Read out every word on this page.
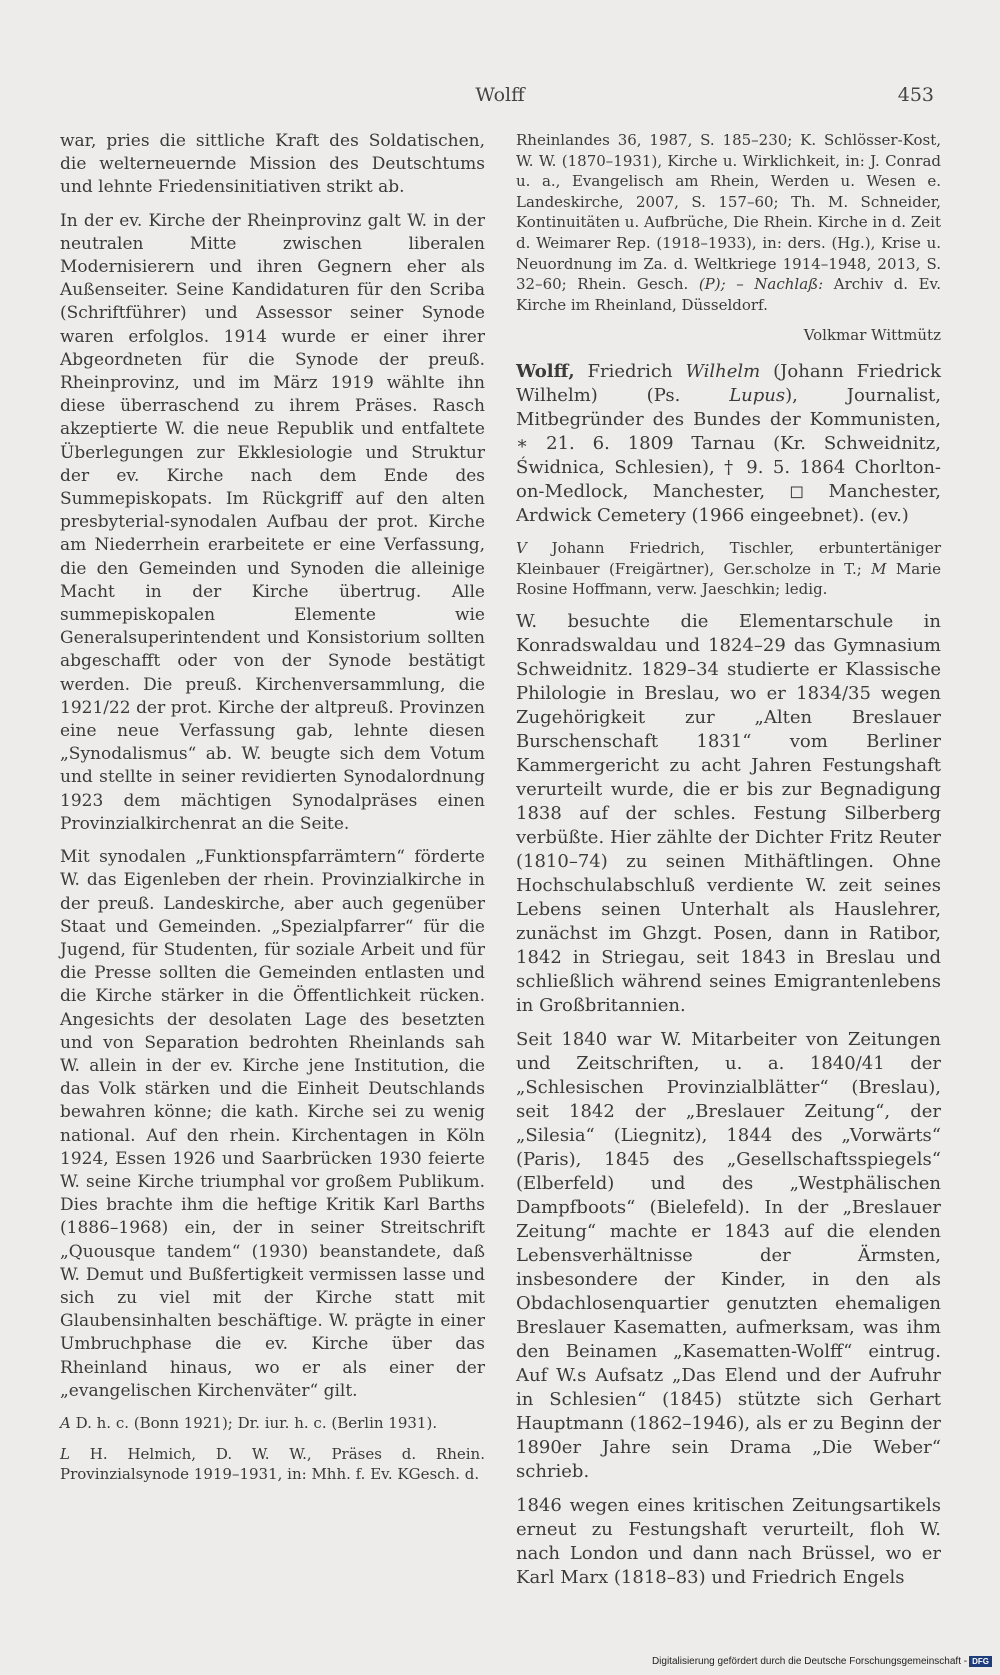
Wolff	453

war, pries die sittliche Kraft des Soldatischen, die welterneuernde Mission des Deutschtums und lehnte Friedensinitiativen strikt ab.

In der ev. Kirche der Rheinprovinz galt W. in der neutralen Mitte zwischen liberalen Modernisierern und ihren Gegnern eher als Außenseiter. Seine Kandidaturen für den Scriba (Schriftführer) und Assessor seiner Synode waren erfolglos. 1914 wurde er einer ihrer Abgeordneten für die Synode der preuß. Rheinprovinz, und im März 1919 wählte ihn diese überraschend zu ihrem Präses. Rasch akzeptierte W. die neue Republik und entfaltete Überlegungen zur Ekklesiologie und Struktur der ev. Kirche nach dem Ende des Summepiskopats. Im Rückgriff auf den alten presbyterial-synodalen Aufbau der prot. Kirche am Niederrhein erarbeitete er eine Verfassung, die den Gemeinden und Synoden die alleinige Macht in der Kirche übertrug. Alle summepiskopalen Elemente wie Generalsuperintendent und Konsistorium sollten abgeschafft oder von der Synode bestätigt werden. Die preuß. Kirchenversammlung, die 1921/22 der prot. Kirche der altpreuß. Provinzen eine neue Verfassung gab, lehnte diesen „Synodalismus“ ab. W. beugte sich dem Votum und stellte in seiner revidierten Synodalordnung 1923 dem mächtigen Synodalpräses einen Provinzialkirchenrat an die Seite.

Mit synodalen „Funktionspfarrämtern“ förderte W. das Eigenleben der rhein. Provinzialkirche in der preuß. Landeskirche, aber auch gegenüber Staat und Gemeinden. „Spezialpfarrer“ für die Jugend, für Studenten, für soziale Arbeit und für die Presse sollten die Gemeinden entlasten und die Kirche stärker in die Öffentlichkeit rücken. Angesichts der desolaten Lage des besetzten und von Separation bedrohten Rheinlands sah W. allein in der ev. Kirche jene Institution, die das Volk stärken und die Einheit Deutschlands bewahren könne; die kath. Kirche sei zu wenig national. Auf den rhein. Kirchentagen in Köln 1924, Essen 1926 und Saarbrücken 1930 feierte W. seine Kirche triumphal vor großem Publikum. Dies brachte ihm die heftige Kritik Karl Barths (1886–1968) ein, der in seiner Streitschrift „Quousque tandem“ (1930) beanstandete, daß W. Demut und Bußfertigkeit vermissen lasse und sich zu viel mit der Kirche statt mit Glaubensinhalten beschäftige. W. prägte in einer Umbruchphase die ev. Kirche über das Rheinland hinaus, wo er als einer der „evangelischen Kirchenväter“ gilt.

A D. h. c. (Bonn 1921); Dr. iur. h. c. (Berlin 1931).

L H. Helmich, D. W. W., Präses d. Rhein. Provinzialsynode 1919–1931, in: Mhh. f. Ev. KGesch. d.

Rheinlandes 36, 1987, S. 185–230; K. Schlösser-Kost, W. W. (1870–1931), Kirche u. Wirklichkeit, in: J. Conrad u. a., Evangelisch am Rhein, Werden u. Wesen e. Landeskirche, 2007, S. 157–60; Th. M. Schneider, Kontinuitäten u. Aufbrüche, Die Rhein. Kirche in d. Zeit d. Weimarer Rep. (1918–1933), in: ders. (Hg.), Krise u. Neuordnung im Za. d. Weltkriege 1914–1948, 2013, S. 32–60; Rhein. Gesch. (P); – Nachlaß: Archiv d. Ev. Kirche im Rheinland, Düsseldorf.

Volkmar Wittmütz

Wolff, Friedrich Wilhelm (Johann Friedrick Wilhelm) (Ps. Lupus), Journalist, Mitbegründer des Bundes der Kommunisten, ∗ 21. 6. 1809 Tarnau (Kr. Schweidnitz, Świdnica, Schlesien), † 9. 5. 1864 Chorlton-on-Medlock, Manchester, ◻ Manchester, Ardwick Cemetery (1966 eingeebnet). (ev.)

V Johann Friedrich, Tischler, erbuntertäniger Kleinbauer (Freigärtner), Ger.scholze in T.; M Marie Rosine Hoffmann, verw. Jaeschkin; ledig.

W. besuchte die Elementarschule in Konradswaldau und 1824–29 das Gymnasium Schweidnitz. 1829–34 studierte er Klassische Philologie in Breslau, wo er 1834/35 wegen Zugehörigkeit zur „Alten Breslauer Burschenschaft 1831“ vom Berliner Kammergericht zu acht Jahren Festungshaft verurteilt wurde, die er bis zur Begnadigung 1838 auf der schles. Festung Silberberg verbüßte. Hier zählte der Dichter Fritz Reuter (1810–74) zu seinen Mithäftlingen. Ohne Hochschulabschluß verdiente W. zeit seines Lebens seinen Unterhalt als Hauslehrer, zunächst im Ghzgt. Posen, dann in Ratibor, 1842 in Striegau, seit 1843 in Breslau und schließlich während seines Emigrantenlebens in Großbritannien.

Seit 1840 war W. Mitarbeiter von Zeitungen und Zeitschriften, u. a. 1840/41 der „Schlesischen Provinzialblätter“ (Breslau), seit 1842 der „Breslauer Zeitung“, der „Silesia“ (Liegnitz), 1844 des „Vorwärts“ (Paris), 1845 des „Gesellschaftsspiegels“ (Elberfeld) und des „Westphälischen Dampfboots“ (Bielefeld). In der „Breslauer Zeitung“ machte er 1843 auf die elenden Lebensverhältnisse der Ärmsten, insbesondere der Kinder, in den als Obdachlosenquartier genutzten ehemaligen Breslauer Kasematten, aufmerksam, was ihm den Beinamen „Kasematten-Wolff“ eintrug. Auf W.s Aufsatz „Das Elend und der Aufruhr in Schlesien“ (1845) stützte sich Gerhart Hauptmann (1862–1946), als er zu Beginn der 1890er Jahre sein Drama „Die Weber“ schrieb.

1846 wegen eines kritischen Zeitungsartikels erneut zu Festungshaft verurteilt, floh W. nach London und dann nach Brüssel, wo er Karl Marx (1818–83) und Friedrich Engels

Digitalisierung gefördert durch die Deutsche Forschungsgemeinschaft - DFG
